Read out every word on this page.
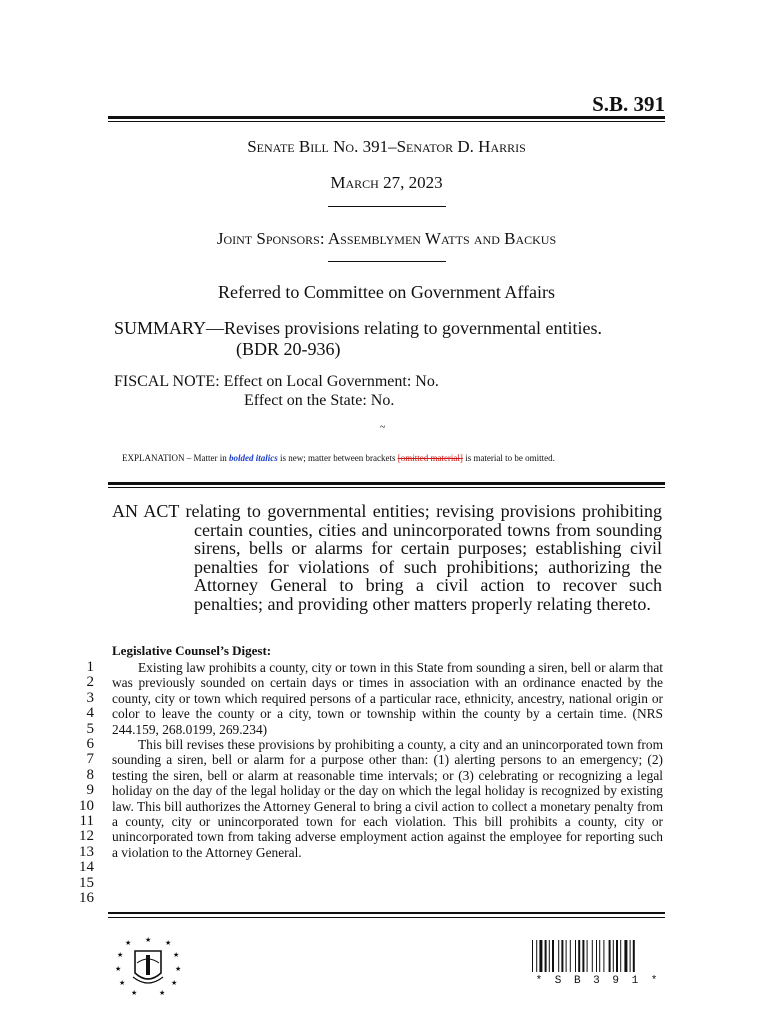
S.B. 391
Senate Bill No. 391–Senator D. Harris
March 27, 2023
Joint Sponsors: Assemblymen Watts and Backus
Referred to Committee on Government Affairs
SUMMARY—Revises provisions relating to governmental entities.
(BDR 20-936)
FISCAL NOTE: Effect on Local Government: No.
Effect on the State: No.
~
EXPLANATION – Matter in bolded italics is new; matter between brackets [omitted material] is material to be omitted.

AN ACT relating to governmental entities; revising provisions prohibiting certain counties, cities and unincorporated towns from sounding sirens, bells or alarms for certain purposes; establishing civil penalties for violations of such prohibitions; authorizing the Attorney General to bring a civil action to recover such penalties; and providing other matters properly relating thereto.

Legislative Counsel’s Digest:
1
2
3
4
5
6
7
8
9
10
11
12
13
14
15
16

Existing law prohibits a county, city or town in this State from sounding a siren, bell or alarm that was previously sounded on certain days or times in association with an ordinance enacted by the county, city or town which required persons of a particular race, ethnicity, ancestry, national origin or color to leave the county or a city, town or township within the county by a certain time. (NRS 244.159, 268.0199, 269.234)

This bill revises these provisions by prohibiting a county, a city and an unincorporated town from sounding a siren, bell or alarm for a purpose other than: (1) alerting persons to an emergency; (2) testing the siren, bell or alarm at reasonable time intervals; or (3) celebrating or recognizing a legal holiday on the day of the legal holiday or the day on which the legal holiday is recognized by existing law. This bill authorizes the Attorney General to bring a civil action to collect a monetary penalty from a county, city or unincorporated town for each violation. This bill prohibits a county, city or unincorporated town from taking adverse employment action against the employee for reporting such a violation to the Attorney General.

★	★
★	★
★	★
★	★
★	★
★
* S B 3 9 1 *
